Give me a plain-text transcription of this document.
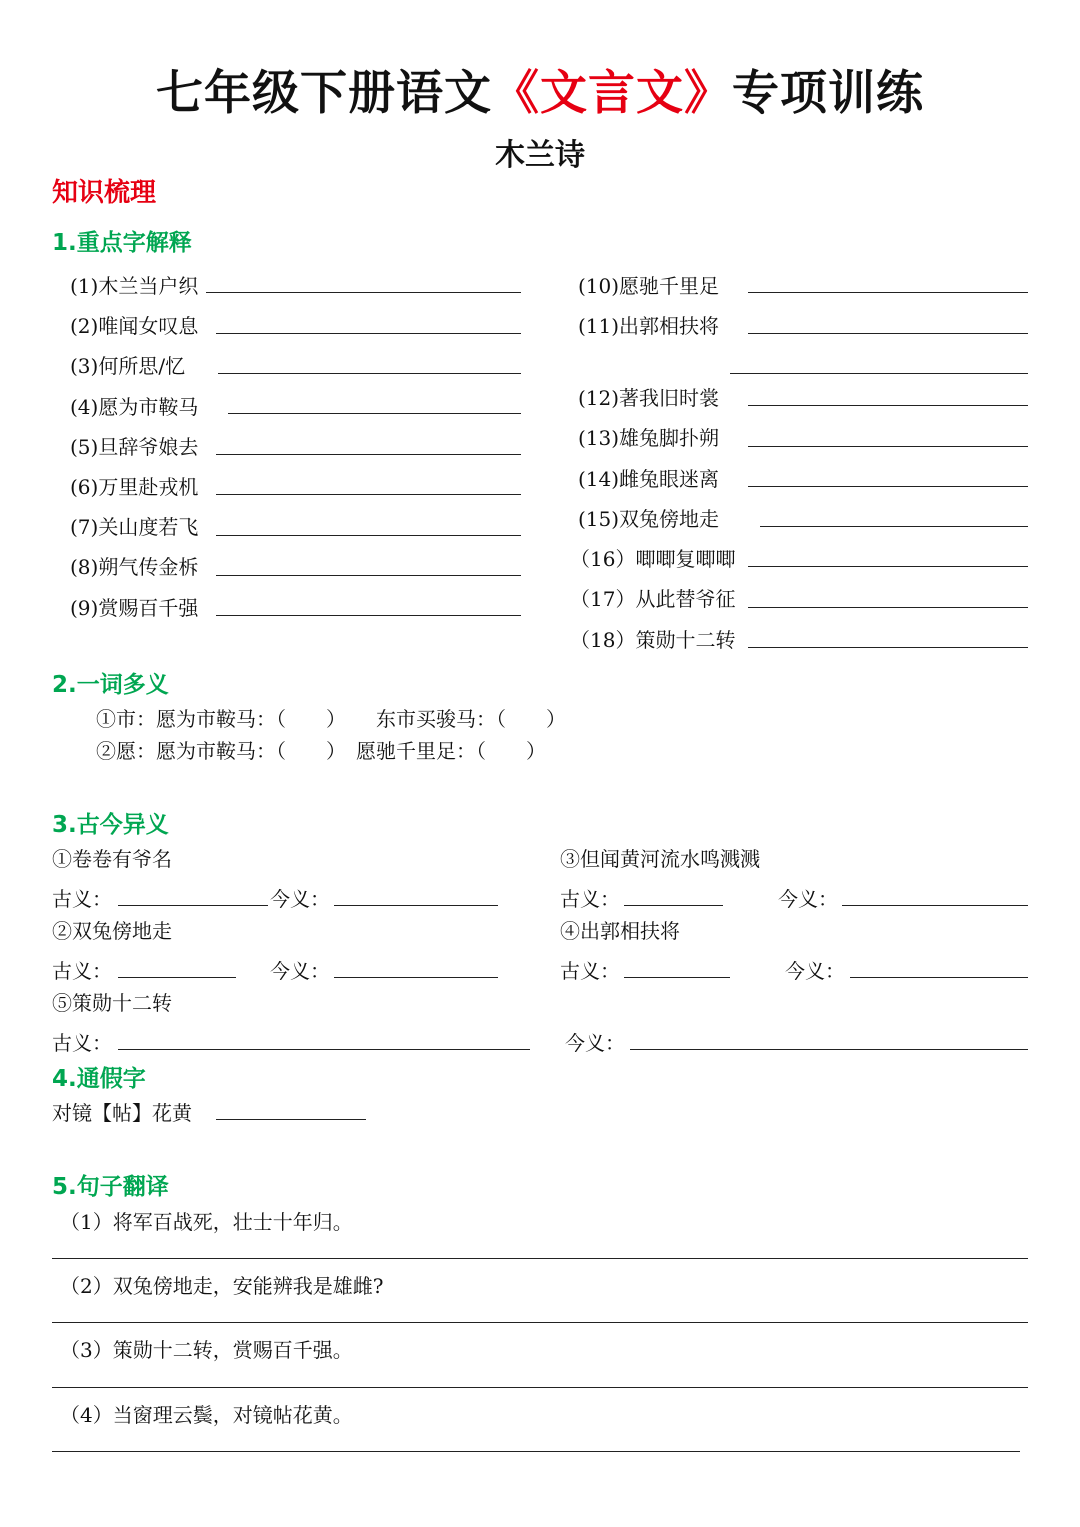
七年级下册语文《文言文》专项训练
木兰诗
知识梳理
1.重点字解释
(1)木兰当户织
(2)唯闻女叹息
(3)何所思/忆
(4)愿为市鞍马
(5)旦辞爷娘去
(6)万里赴戎机
(7)关山度若飞
(8)朔气传金柝
(9)赏赐百千强
(10)愿驰千里足
(11)出郭相扶将
(12)著我旧时裳
(13)雄兔脚扑朔
(14)雌兔眼迷离
(15)双兔傍地走
（16）唧唧复唧唧
（17）从此替爷征
（18）策勋十二转
2.一词多义
①市：愿为市鞍马：（　　）　　东市买骏马：（　　）
②愿：愿为市鞍马：（　　）　愿驰千里足：（　　）
3.古今异义
①卷卷有爷名	③但闻黄河流水鸣溅溅
古义：	今义：	古义：	今义：
②双兔傍地走	④出郭相扶将
古义：	今义：	古义：	今义：
⑤策勋十二转
古义：	今义：
4.通假字
对镜【帖】花黄
5.句子翻译
（1）将军百战死，壮士十年归。
（2）双兔傍地走，安能辨我是雄雌?
（3）策勋十二转，赏赐百千强。
（4）当窗理云鬓，对镜帖花黄。
